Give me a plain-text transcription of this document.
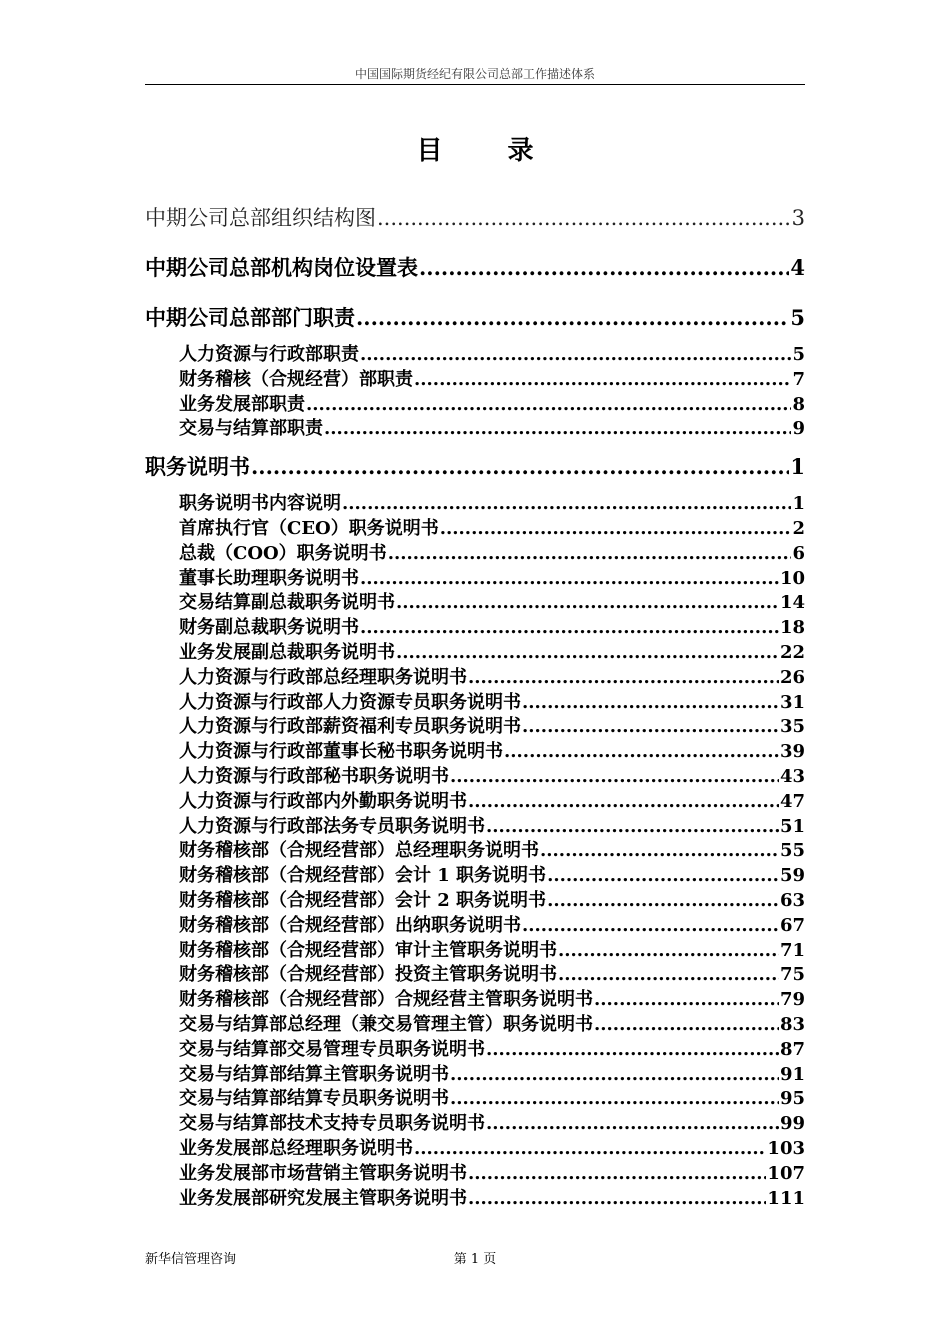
中国国际期货经纪有限公司总部工作描述体系
目 录
中期公司总部组织结构图 .....	3
中期公司总部机构岗位设置表 .....	4
中期公司总部部门职责 .....	5
人力资源与行政部职责 .....	5
财务稽核（合规经营）部职责 .....	7
业务发展部职责 .....	8
交易与结算部职责 .....	9
职务说明书 .....	1
职务说明书内容说明 .....	1
首席执行官（CEO）职务说明书 .....	2
总裁（COO）职务说明书 .....	6
董事长助理职务说明书 .....	10
交易结算副总裁职务说明书 .....	14
财务副总裁职务说明书 .....	18
业务发展副总裁职务说明书 .....	22
人力资源与行政部总经理职务说明书 .....	26
人力资源与行政部人力资源专员职务说明书 .....	31
人力资源与行政部薪资福利专员职务说明书 .....	35
人力资源与行政部董事长秘书职务说明书 .....	39
人力资源与行政部秘书职务说明书 .....	43
人力资源与行政部内外勤职务说明书 .....	47
人力资源与行政部法务专员职务说明书 .....	51
财务稽核部（合规经营部）总经理职务说明书 .....	55
财务稽核部（合规经营部）会计 1 职务说明书 .....	59
财务稽核部（合规经营部）会计 2 职务说明书 .....	63
财务稽核部（合规经营部）出纳职务说明书 .....	67
财务稽核部（合规经营部）审计主管职务说明书 .....	71
财务稽核部（合规经营部）投资主管职务说明书 .....	75
财务稽核部（合规经营部）合规经营主管职务说明书 .....	79
交易与结算部总经理（兼交易管理主管）职务说明书 .....	83
交易与结算部交易管理专员职务说明书 .....	87
交易与结算部结算主管职务说明书 .....	91
交易与结算部结算专员职务说明书 .....	95
交易与结算部技术支持专员职务说明书 .....	99
业务发展部总经理职务说明书 .....	103
业务发展部市场营销主管职务说明书 .....	107
业务发展部研究发展主管职务说明书 .....	111
新华信管理咨询	第 1 页
